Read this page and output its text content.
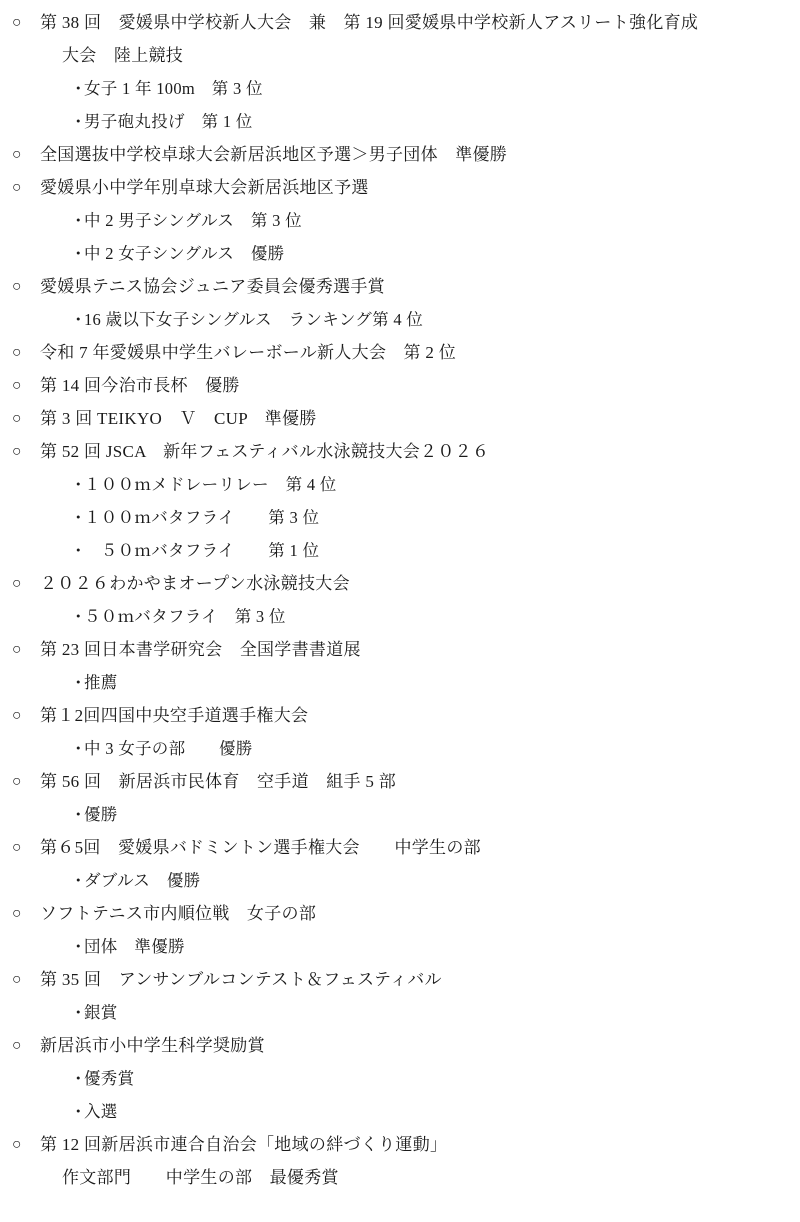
○	第 38 回　愛媛県中学校新人大会　兼　第 19 回愛媛県中学校新人アスリート強化育成
大会　陸上競技
・女子 1 年 100m　第 3 位
・男子砲丸投げ　第 1 位
○	全国選抜中学校卓球大会新居浜地区予選＞男子団体　準優勝
○	愛媛県小中学年別卓球大会新居浜地区予選
・中 2 男子シングルス　第 3 位
・中 2 女子シングルス　優勝
○	愛媛県テニス協会ジュニア委員会優秀選手賞
・16 歳以下女子シングルス　ランキング第 4 位
○	令和 7 年愛媛県中学生バレーボール新人大会　第 2 位
○	第 14 回今治市長杯　優勝
○	第 3 回 TEIKYO　Ｖ　CUP　準優勝
○	第 52 回 JSCA　新年フェスティバル水泳競技大会２０２６
・１００ｍメドレーリレー　第 4 位
・１００ｍバタフライ　　第 3 位
・　５０ｍバタフライ　　第 1 位
○	２０２６わかやまオープン水泳競技大会
・５０ｍバタフライ　第 3 位
○	第 23 回日本書学研究会　全国学書書道展
・推薦
○	第１2回四国中央空手道選手権大会
・中 3 女子の部　　優勝
○	第 56 回　新居浜市民体育　空手道　組手 5 部
・優勝
○	第６5回　愛媛県バドミントン選手権大会　　中学生の部
・ダブルス　優勝
○	ソフトテニス市内順位戦　女子の部
・団体　準優勝
○	第 35 回　アンサンブルコンテスト＆フェスティバル
・銀賞
○	新居浜市小中学生科学奨励賞
・優秀賞
・入選
○	第 12 回新居浜市連合自治会「地域の絆づくり運動」
作文部門　　中学生の部　最優秀賞
